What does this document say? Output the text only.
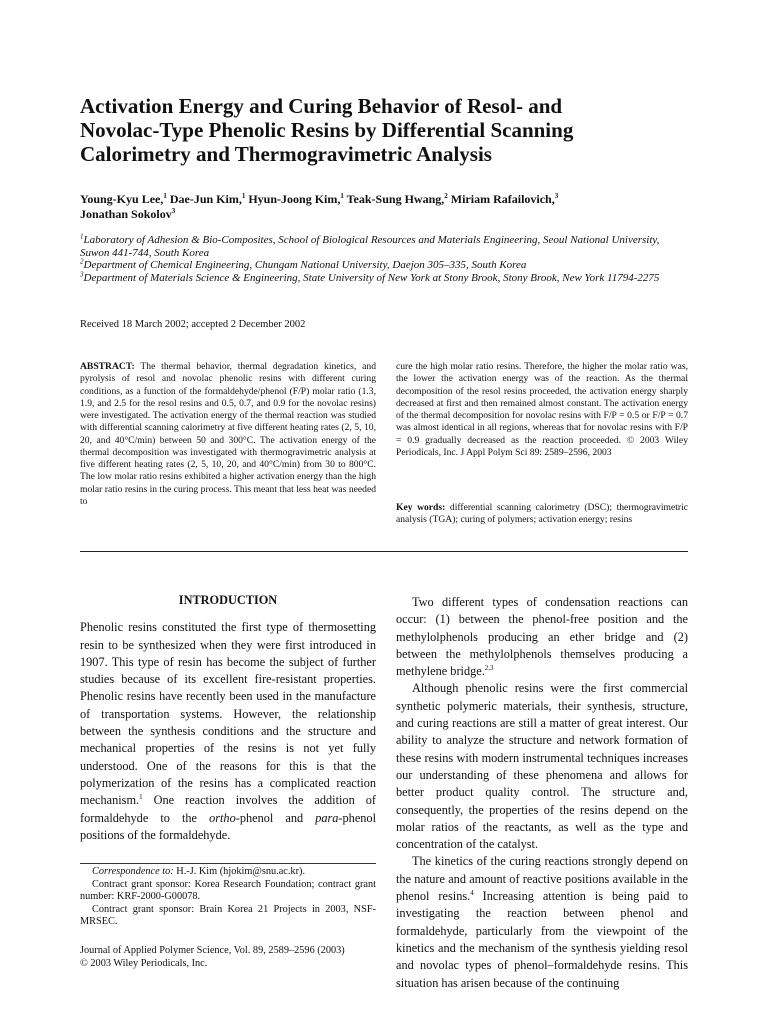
Activation Energy and Curing Behavior of Resol- and
Novolac-Type Phenolic Resins by Differential Scanning
Calorimetry and Thermogravimetric Analysis
Young-Kyu Lee,$^1$ Dae-Jun Kim,$^1$ Hyun-Joong Kim,$^1$ Teak-Sung Hwang,$^2$ Miriam Rafailovich,$^3$
Jonathan Sokolov$^3$
$^1$Laboratory of Adhesion & Bio-Composites, School of Biological Resources and Materials Engineering, Seoul National University, Suwon 441-744, South Korea
$^2$Department of Chemical Engineering, Chungam National University, Daejon 305–335, South Korea
$^3$Department of Materials Science & Engineering, State University of New York at Stony Brook, Stony Brook, New York 11794-2275
Received 18 March 2002; accepted 2 December 2002
ABSTRACT: The thermal behavior, thermal degradation kinetics, and pyrolysis of resol and novolac phenolic resins with different curing conditions, as a function of the formaldehyde/phenol (F/P) molar ratio (1.3, 1.9, and 2.5 for the resol resins and 0.5, 0.7, and 0.9 for the novolac resins) were investigated. The activation energy of the thermal reaction was studied with differential scanning calorimetry at five different heating rates (2, 5, 10, 20, and 40°C/min) between 50 and 300°C. The activation energy of the thermal decomposition was investigated with thermogravimetric analysis at five different heating rates (2, 5, 10, 20, and 40°C/min) from 30 to 800°C. The low molar ratio resins exhibited a higher activation energy than the high molar ratio resins in the curing process. This meant that less heat was needed to
cure the high molar ratio resins. Therefore, the higher the molar ratio was, the lower the activation energy was of the reaction. As the thermal decomposition of the resol resins proceeded, the activation energy sharply decreased at first and then remained almost constant. The activation energy of the thermal decomposition for novolac resins with F/P = 0.5 or F/P = 0.7 was almost identical in all regions, whereas that for novolac resins with F/P = 0.9 gradually decreased as the reaction proceeded. © 2003 Wiley Periodicals, Inc. J Appl Polym Sci 89: 2589–2596, 2003
Key words: differential scanning calorimetry (DSC); thermogravimetric analysis (TGA); curing of polymers; activation energy; resins
INTRODUCTION

Phenolic resins constituted the first type of thermosetting resin to be synthesized when they were first introduced in 1907. This type of resin has become the subject of further studies because of its excellent fire-resistant properties. Phenolic resins have recently been used in the manufacture of transportation systems. However, the relationship between the synthesis conditions and the structure and mechanical properties of the resins is not yet fully understood. One of the reasons for this is that the polymerization of the resins has a complicated reaction mechanism.$^1$ One reaction involves the addition of formaldehyde to the ortho-phenol and para-phenol positions of the formaldehyde.

Correspondence to: H.-J. Kim (hjokim@snu.ac.kr).

Contract grant sponsor: Korea Research Foundation; contract grant number: KRF-2000-G00078.

Contract grant sponsor: Brain Korea 21 Projects in 2003, NSF-MRSEC.

Journal of Applied Polymer Science, Vol. 89, 2589–2596 (2003)
© 2003 Wiley Periodicals, Inc.

Two different types of condensation reactions can occur: (1) between the phenol-free position and the methylolphenols producing an ether bridge and (2) between the methylolphenols themselves producing a methylene bridge.$^{2,3}$

Although phenolic resins were the first commercial synthetic polymeric materials, their synthesis, structure, and curing reactions are still a matter of great interest. Our ability to analyze the structure and network formation of these resins with modern instrumental techniques increases our understanding of these phenomena and allows for better product quality control. The structure and, consequently, the properties of the resins depend on the molar ratios of the reactants, as well as the type and concentration of the catalyst.

The kinetics of the curing reactions strongly depend on the nature and amount of reactive positions available in the phenol resins.$^4$ Increasing attention is being paid to investigating the reaction between phenol and formaldehyde, particularly from the viewpoint of the kinetics and the mechanism of the synthesis yielding resol and novolac types of phenol–formaldehyde resins. This situation has arisen because of the continuing
